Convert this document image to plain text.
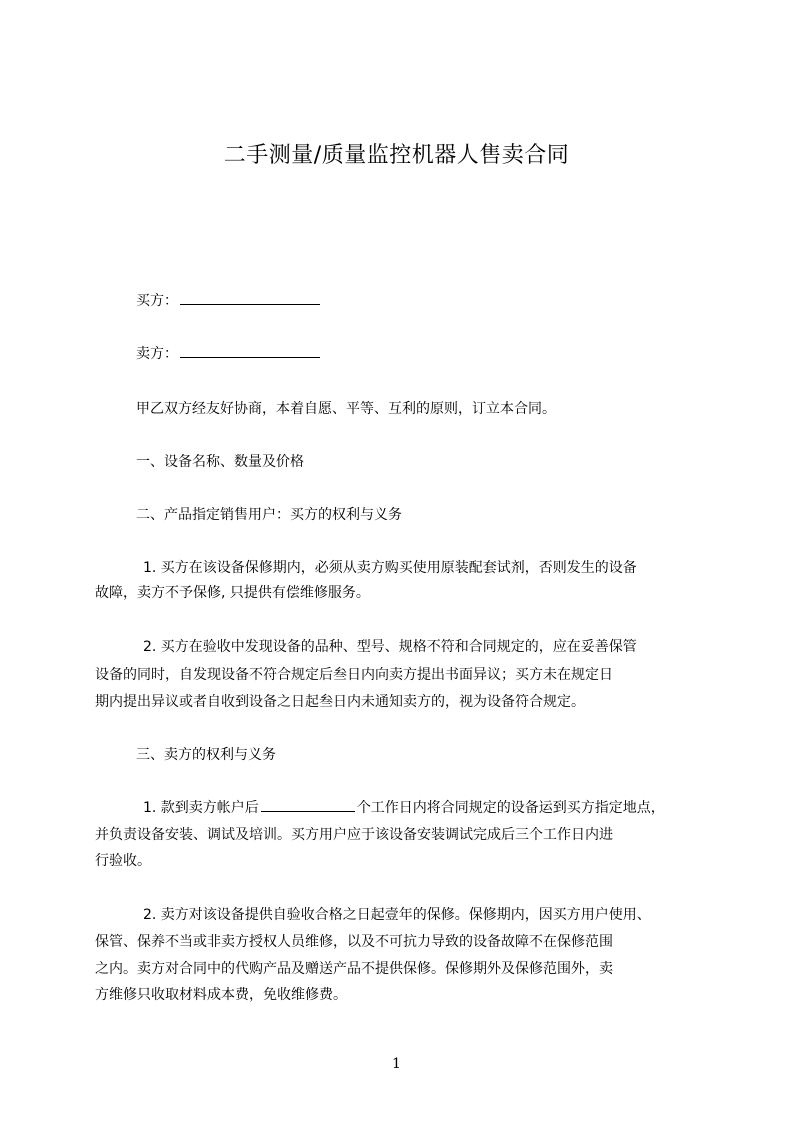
二手测量/质量监控机器人售卖合同
买方：
卖方：
甲乙双方经友好协商，本着自愿、平等、互利的原则，订立本合同。
一、设备名称、数量及价格
二、产品指定销售用户：买方的权利与义务
1. 买方在该设备保修期内，必须从卖方购买使用原装配套试剂，否则发生的设备
故障，卖方不予保修, 只提供有偿维修服务。
2. 买方在验收中发现设备的品种、型号、规格不符和合同规定的，应在妥善保管
设备的同时，自发现设备不符合规定后叁日内向卖方提出书面异议；买方未在规定日
期内提出异议或者自收到设备之日起叁日内未通知卖方的，视为设备符合规定。
三、卖方的权利与义务
1. 款到卖方帐户后	个工作日内将合同规定的设备运到买方指定地点，
并负责设备安装、调试及培训。买方用户应于该设备安装调试完成后三个工作日内进
行验收。
2. 卖方对该设备提供自验收合格之日起壹年的保修。保修期内，因买方用户使用、
保管、保养不当或非卖方授权人员维修，以及不可抗力导致的设备故障不在保修范围
之内。卖方对合同中的代购产品及赠送产品不提供保修。保修期外及保修范围外，卖
方维修只收取材料成本费，免收维修费。
1
